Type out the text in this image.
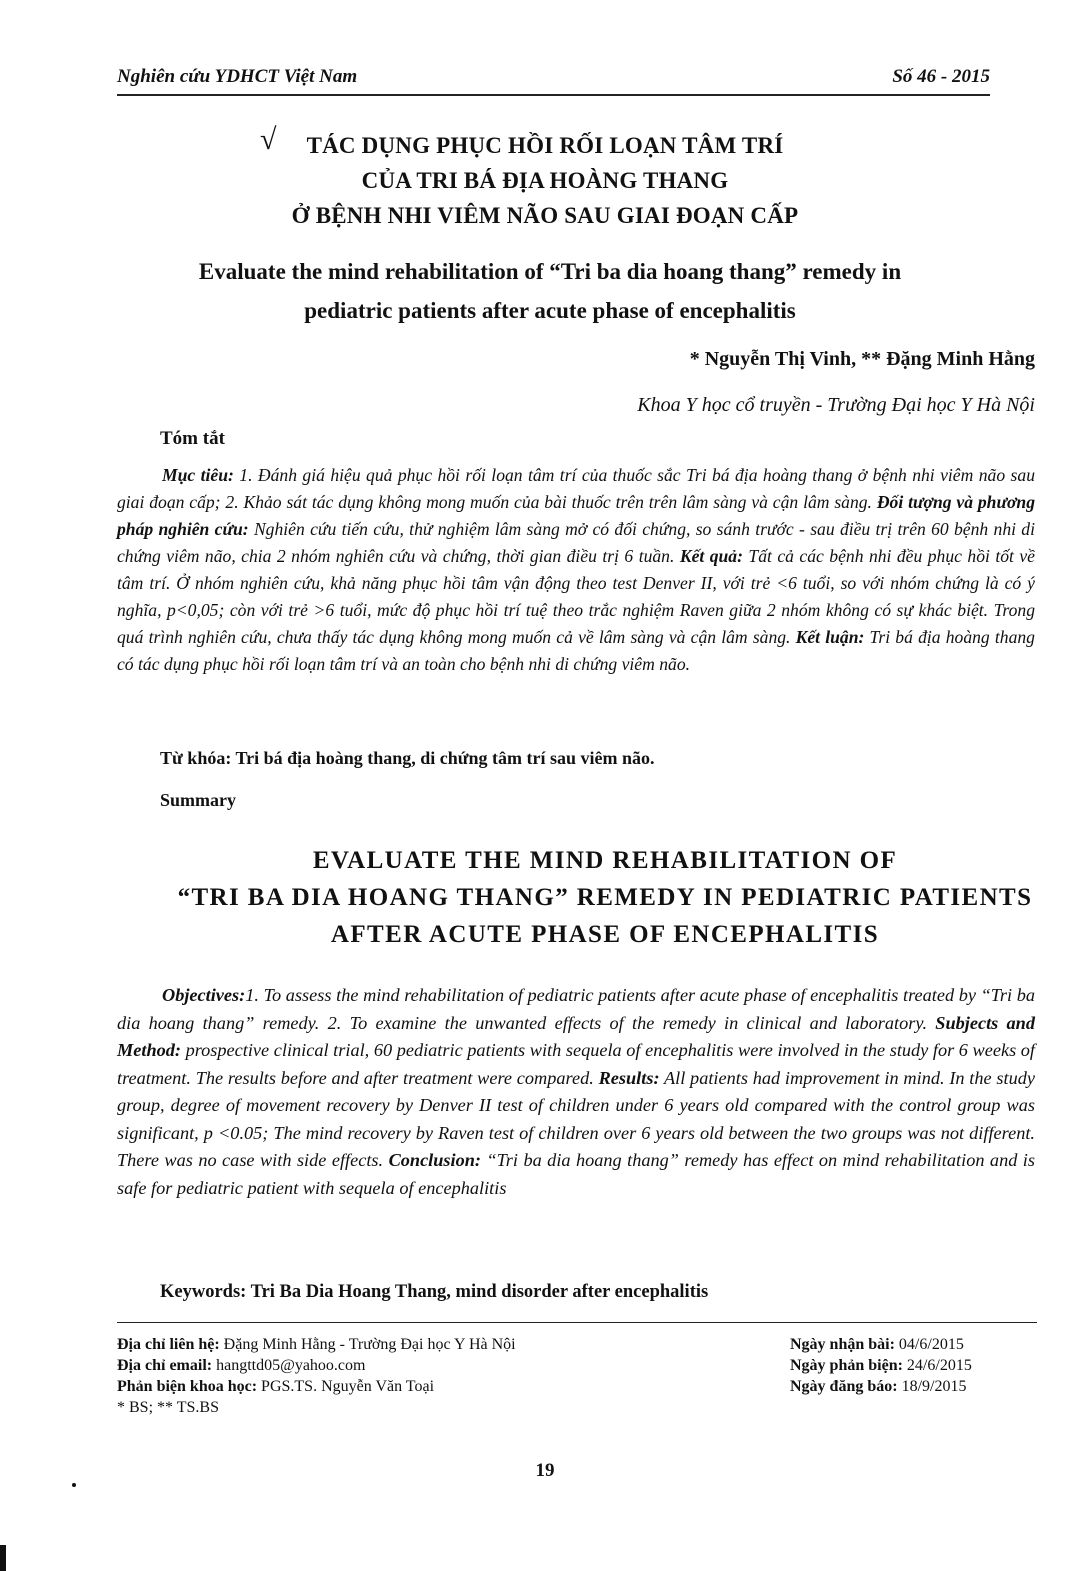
Nghiên cứu YDHCT Việt Nam	Số 46 - 2015
√	TÁC DỤNG PHỤC HỒI RỐI LOẠN TÂM TRÍ
CỦA TRI BÁ ĐỊA HOÀNG THANG
Ở BỆNH NHI VIÊM NÃO SAU GIAI ĐOẠN CẤP
Evaluate the mind rehabilitation of “Tri ba dia hoang thang” remedy in
pediatric patients after acute phase of encephalitis
* Nguyễn Thị Vinh, ** Đặng Minh Hằng
Khoa Y học cổ truyền - Trường Đại học Y Hà Nội
Tóm tắt
Mục tiêu: 1. Đánh giá hiệu quả phục hồi rối loạn tâm trí của thuốc sắc Tri bá địa hoàng thang ở bệnh nhi viêm não sau giai đoạn cấp; 2. Khảo sát tác dụng không mong muốn của bài thuốc trên trên lâm sàng và cận lâm sàng. Đối tượng và phương pháp nghiên cứu: Nghiên cứu tiến cứu, thử nghiệm lâm sàng mở có đối chứng, so sánh trước - sau điều trị trên 60 bệnh nhi di chứng viêm não, chia 2 nhóm nghiên cứu và chứng, thời gian điều trị 6 tuần. Kết quả: Tất cả các bệnh nhi đều phục hồi tốt về tâm trí. Ở nhóm nghiên cứu, khả năng phục hồi tâm vận động theo test Denver II, với trẻ <6 tuổi, so với nhóm chứng là có ý nghĩa, p<0,05; còn với trẻ >6 tuổi, mức độ phục hồi trí tuệ theo trắc nghiệm Raven giữa 2 nhóm không có sự khác biệt. Trong quá trình nghiên cứu, chưa thấy tác dụng không mong muốn cả về lâm sàng và cận lâm sàng. Kết luận: Tri bá địa hoàng thang có tác dụng phục hồi rối loạn tâm trí và an toàn cho bệnh nhi di chứng viêm não.
Từ khóa: Tri bá địa hoàng thang, di chứng tâm trí sau viêm não.
Summary
EVALUATE THE MIND REHABILITATION OF
“TRI BA DIA HOANG THANG” REMEDY IN PEDIATRIC PATIENTS
AFTER ACUTE PHASE OF ENCEPHALITIS
Objectives:1. To assess the mind rehabilitation of pediatric patients after acute phase of encephalitis treated by “Tri ba dia hoang thang” remedy. 2. To examine the unwanted effects of the remedy in clinical and laboratory. Subjects and Method: prospective clinical trial, 60 pediatric patients with sequela of encephalitis were involved in the study for 6 weeks of treatment. The results before and after treatment were compared. Results: All patients had improvement in mind. In the study group, degree of movement recovery by Denver II test of children under 6 years old compared with the control group was significant, p <0.05; The mind recovery by Raven test of children over 6 years old between the two groups was not different. There was no case with side effects. Conclusion: “Tri ba dia hoang thang” remedy has effect on mind rehabilitation and is safe for pediatric patient with sequela of encephalitis
Keywords: Tri Ba Dia Hoang Thang, mind disorder after encephalitis
Địa chỉ liên hệ: Đặng Minh Hằng - Trường Đại học Y Hà Nội
Địa chỉ email: hangttd05@yahoo.com
Phản biện khoa học: PGS.TS. Nguyễn Văn Toại
* BS; ** TS.BS
Ngày nhận bài: 04/6/2015
Ngày phản biện: 24/6/2015
Ngày đăng báo: 18/9/2015
19
